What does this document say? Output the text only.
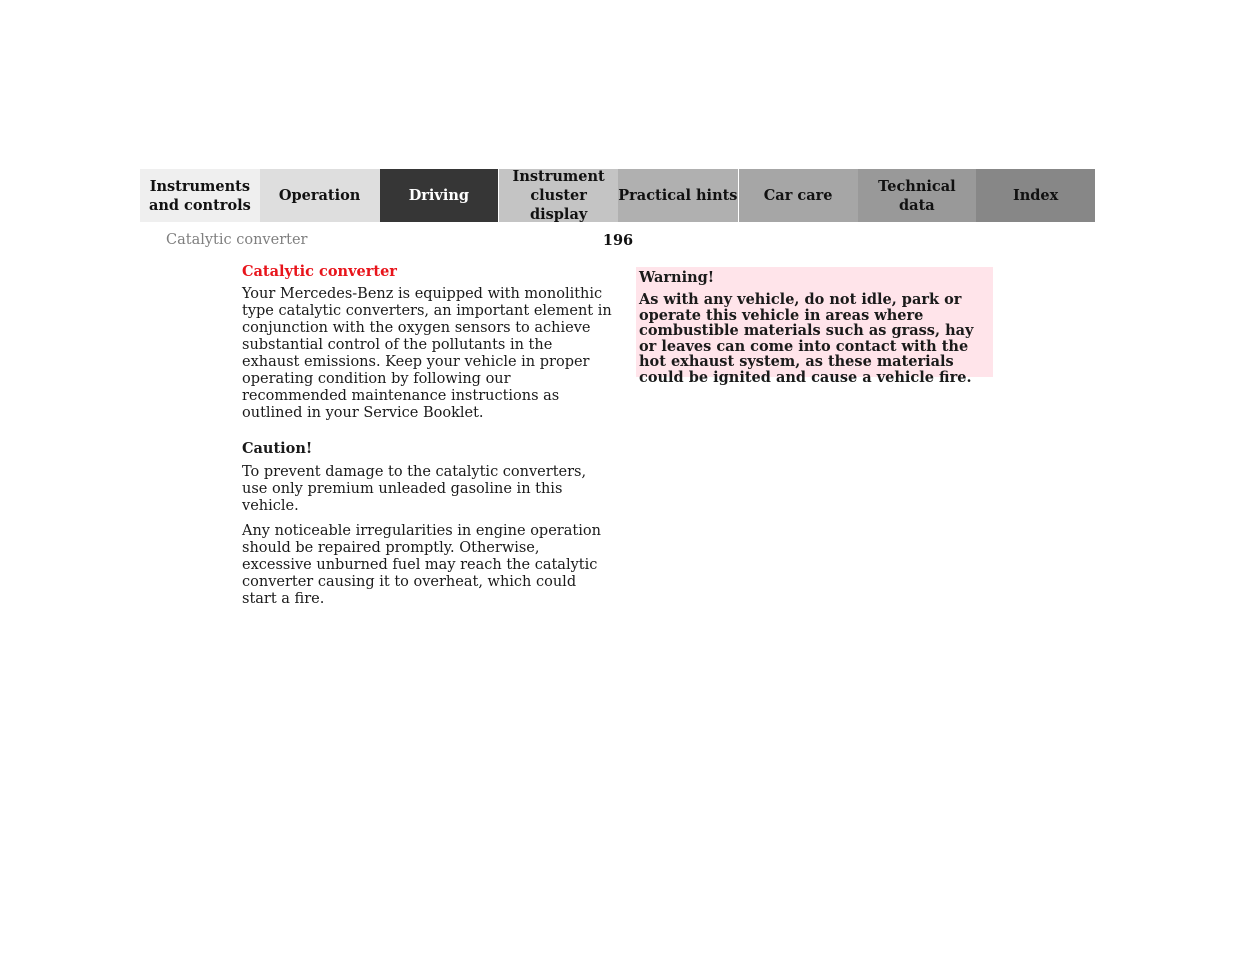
Instruments
and controls
Operation	Driving
Instrument
cluster display
Practical hints	Car care
Technical
data
Index
Catalytic converter	196
Catalytic converter

Your Mercedes-Benz is equipped with monolithic type catalytic converters, an important element in conjunction with the oxygen sensors to achieve substantial control of the pollutants in the exhaust emissions. Keep your vehicle in proper operating condition by following our recommended maintenance instructions as outlined in your Service Booklet.

Caution!

To prevent damage to the catalytic converters, use only premium unleaded gasoline in this vehicle.

Any noticeable irregularities in engine operation should be repaired promptly. Otherwise, excessive unburned fuel may reach the catalytic converter causing it to overheat, which could start a fire.

Warning!

As with any vehicle, do not idle, park or operate this vehicle in areas where combustible materials such as grass, hay or leaves can come into contact with the hot exhaust system, as these materials could be ignited and cause a vehicle fire.
